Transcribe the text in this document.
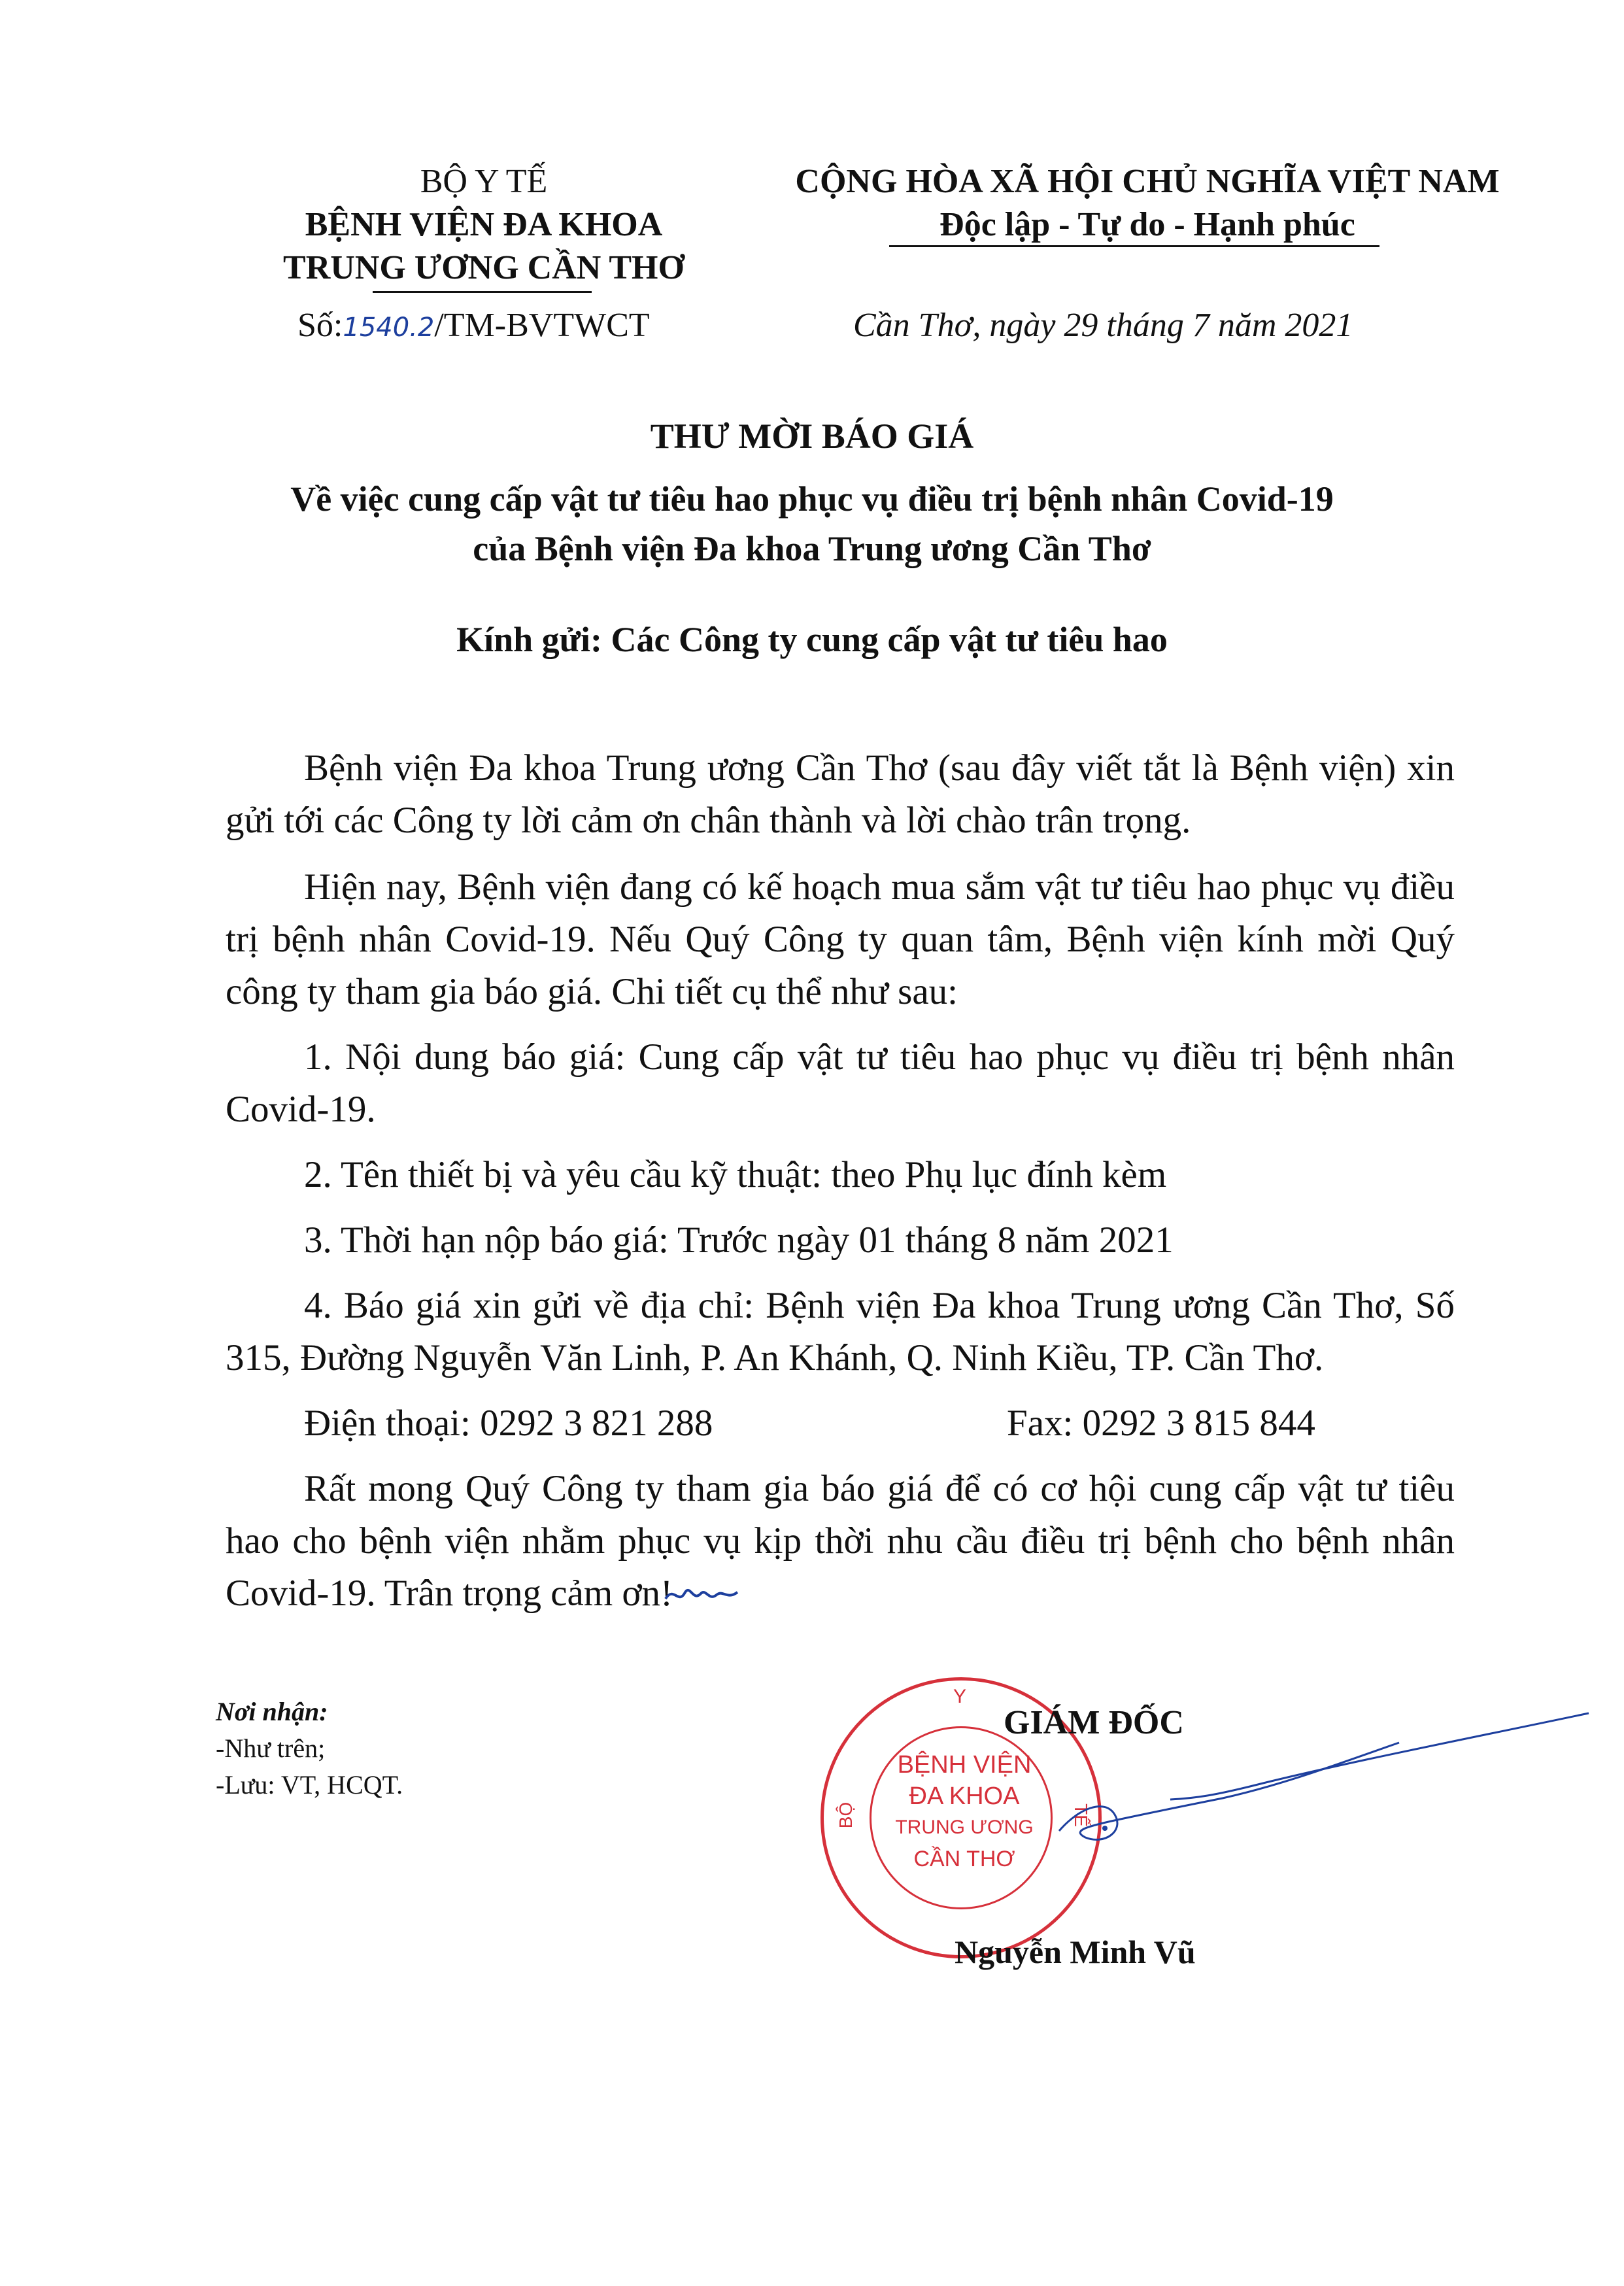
BỘ Y TẾ
BỆNH VIỆN ĐA KHOA
TRUNG ƯƠNG CẦN THƠ
Số:1540.2/TM-BVTWCT
CỘNG HÒA XÃ HỘI CHỦ NGHĨA VIỆT NAM
Độc lập - Tự do - Hạnh phúc
Cần Thơ, ngày 29 tháng 7 năm 2021
THƯ MỜI BÁO GIÁ
Về việc cung cấp vật tư tiêu hao phục vụ điều trị bệnh nhân Covid-19
của Bệnh viện Đa khoa Trung ương Cần Thơ
Kính gửi: Các Công ty cung cấp vật tư tiêu hao

Bệnh viện Đa khoa Trung ương Cần Thơ (sau đây viết tắt là Bệnh viện) xin gửi tới các Công ty lời cảm ơn chân thành và lời chào trân trọng.

Hiện nay, Bệnh viện đang có kế hoạch mua sắm vật tư tiêu hao phục vụ điều trị bệnh nhân Covid-19. Nếu Quý Công ty quan tâm, Bệnh viện kính mời Quý công ty tham gia báo giá. Chi tiết cụ thể như sau:

1. Nội dung báo giá: Cung cấp vật tư tiêu hao phục vụ điều trị bệnh nhân Covid-19.

2. Tên thiết bị và yêu cầu kỹ thuật: theo Phụ lục đính kèm

3. Thời hạn nộp báo giá: Trước ngày 01 tháng 8 năm 2021

4. Báo giá xin gửi về địa chỉ: Bệnh viện Đa khoa Trung ương Cần Thơ, Số 315, Đường Nguyễn Văn Linh, P. An Khánh, Q. Ninh Kiều, TP. Cần Thơ.

Điện thoại: 0292 3 821 288	Fax: 0292 3 815 844

Rất mong Quý Công ty tham gia báo giá để có cơ hội cung cấp vật tư tiêu hao cho bệnh viện nhằm phục vụ kịp thời nhu cầu điều trị bệnh cho bệnh nhân Covid-19. Trân trọng cảm ơn!

Nơi nhận:
-Như trên;
-Lưu: VT, HCQT.
BỆNH VIỆN
ĐA KHOA
TRUNG ƯƠNG
CẦN THƠ
Y
BỘ	TẾ
GIÁM ĐỐC
Nguyễn Minh Vũ
